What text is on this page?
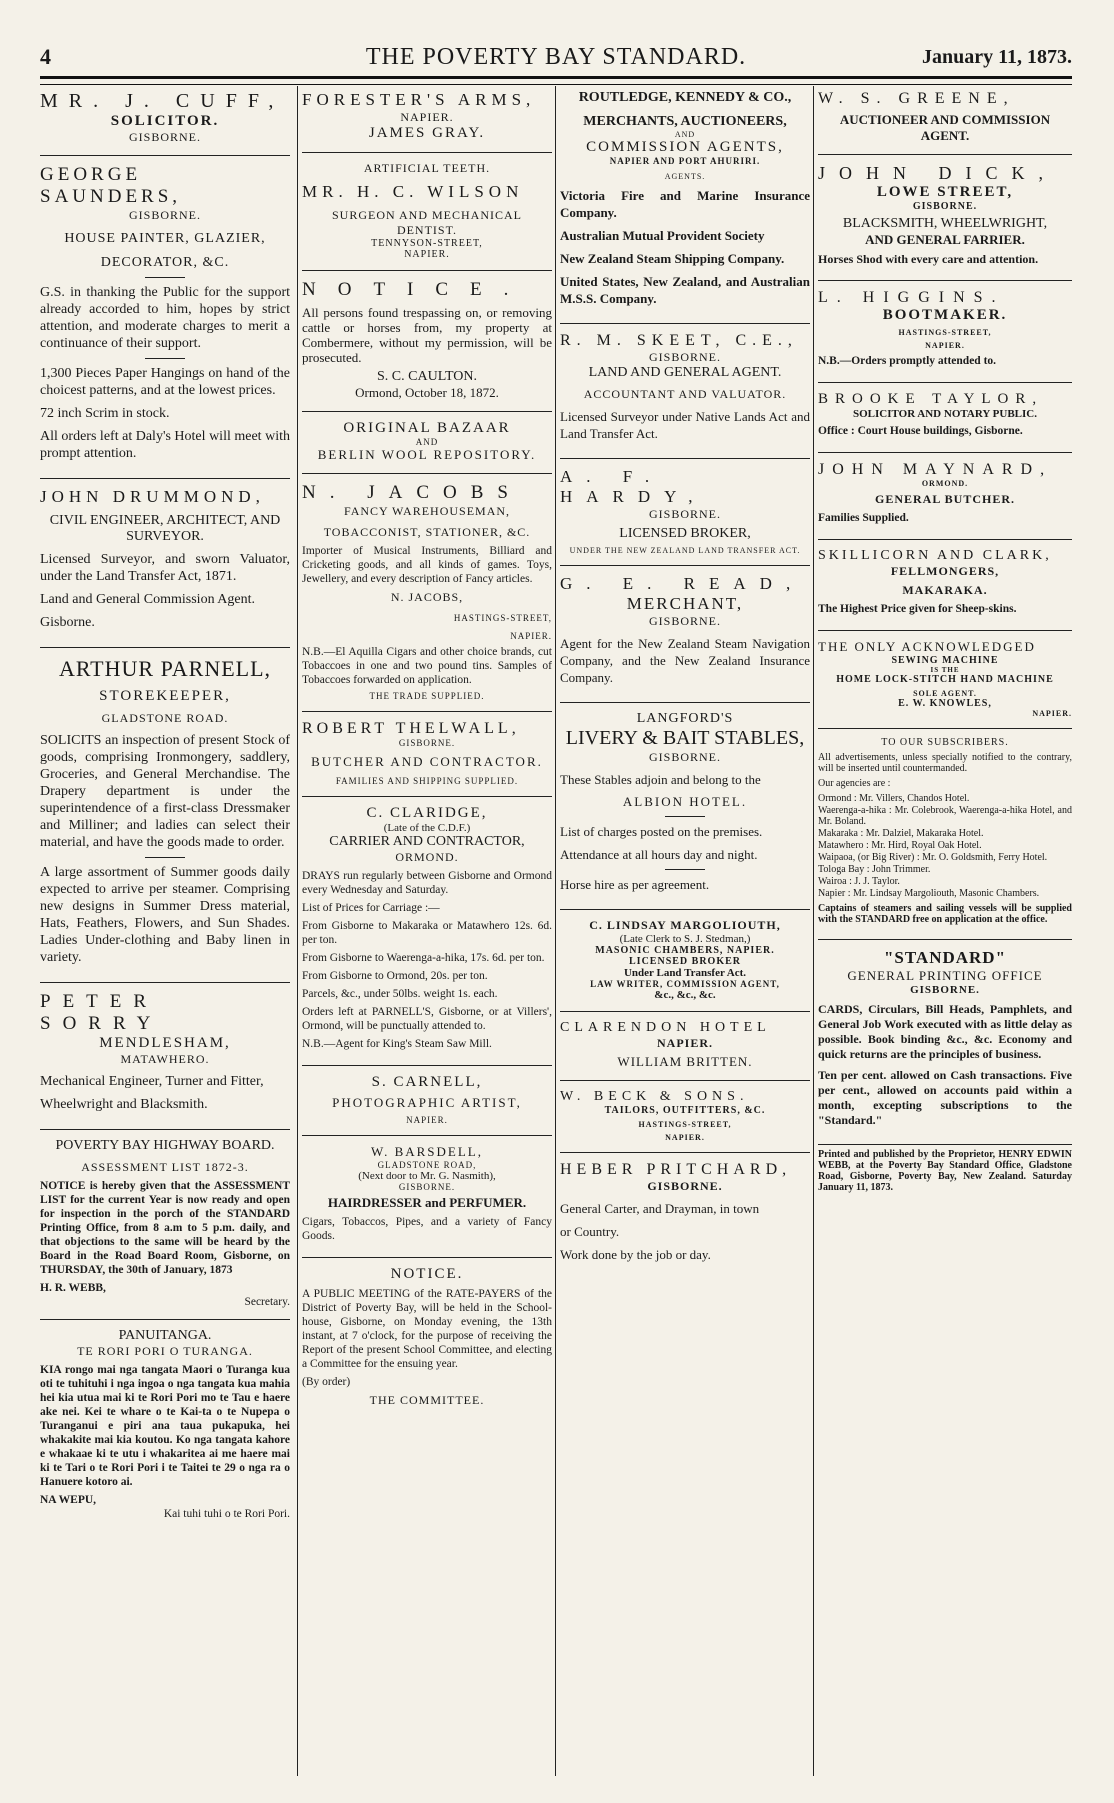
4	THE POVERTY BAY STANDARD.	January 11, 1873.
MR. J. CUFF,
SOLICITOR.
GISBORNE.
GEORGE SAUNDERS,
GISBORNE.
HOUSE PAINTER, GLAZIER,
DECORATOR, &C.

G.S. in thanking the Public for the support already accorded to him, hopes by strict attention, and moderate charges to merit a continuance of their support.

1,300 Pieces Paper Hangings on hand of the choicest patterns, and at the lowest prices.

72 inch Scrim in stock.

All orders left at Daly's Hotel will meet with prompt attention.

JOHN DRUMMOND,
CIVIL ENGINEER, ARCHITECT, AND SURVEYOR.

Licensed Surveyor, and sworn Valuator, under the Land Transfer Act, 1871.

Land and General Commission Agent.

Gisborne.

ARTHUR PARNELL,
STOREKEEPER,
GLADSTONE ROAD.

SOLICITS an inspection of present Stock of goods, comprising Ironmongery, saddlery, Groceries, and General Merchandise. The Drapery department is under the superintendence of a first-class Dressmaker and Milliner; and ladies can select their material, and have the goods made to order.

A large assortment of Summer goods daily expected to arrive per steamer. Comprising new designs in Summer Dress material, Hats, Feathers, Flowers, and Sun Shades. Ladies Under-clothing and Baby linen in variety.

PETER SORRY
MENDLESHAM,
MATAWHERO.

Mechanical Engineer, Turner and Fitter,

Wheelwright and Blacksmith.

POVERTY BAY HIGHWAY BOARD.
ASSESSMENT LIST 1872-3.

NOTICE is hereby given that the ASSESSMENT LIST for the current Year is now ready and open for inspection in the porch of the STANDARD Printing Office, from 8 a.m to 5 p.m. daily, and that objections to the same will be heard by the Board in the Road Board Room, Gisborne, on THURSDAY, the 30th of January, 1873

H. R. WEBB,
Secretary.
PANUITANGA.
TE RORI PORI O TURANGA.

KIA rongo mai nga tangata Maori o Turanga kua oti te tuhituhi i nga ingoa o nga tangata kua mahia hei kia utua mai ki te Rori Pori mo te Tau e haere ake nei. Kei te whare o te Kai-ta o te Nupepa o Turanganui e piri ana taua pukapuka, hei whakakite mai kia koutou. Ko nga tangata kahore e whakaae ki te utu i whakaritea ai me haere mai ki te Tari o te Rori Pori i te Taitei te 29 o nga ra o Hanuere kotoro ai.

NA WEPU,
Kai tuhi tuhi o te Rori Pori.
FORESTER'S ARMS,
NAPIER.
JAMES GRAY.
ARTIFICIAL TEETH.
MR. H. C. WILSON
SURGEON AND MECHANICAL DENTIST.
TENNYSON-STREET,
NAPIER.
NOTICE.

All persons found trespassing on, or removing cattle or horses from, my property at Combermere, without my permission, will be prosecuted.

S. C. CAULTON.
Ormond, October 18, 1872.
ORIGINAL BAZAAR
AND
BERLIN WOOL REPOSITORY.
N. JACOBS
FANCY WAREHOUSEMAN,
TOBACCONIST, STATIONER, &C.

Importer of Musical Instruments, Billiard and Cricketing goods, and all kinds of games. Toys, Jewellery, and every description of Fancy articles.

N. JACOBS,
HASTINGS-STREET,
NAPIER.

N.B.—El Aquilla Cigars and other choice brands, cut Tobaccoes in one and two pound tins. Samples of Tobaccoes forwarded on application.

THE TRADE SUPPLIED.
ROBERT THELWALL,
GISBORNE.
BUTCHER AND CONTRACTOR.
FAMILIES AND SHIPPING SUPPLIED.
C. CLARIDGE,
(Late of the C.D.F.)
CARRIER AND CONTRACTOR,
ORMOND.

DRAYS run regularly between Gisborne and Ormond every Wednesday and Saturday.

List of Prices for Carriage :—
From Gisborne to Makaraka or Matawhero 12s. 6d. per ton.
From Gisborne to Waerenga-a-hika, 17s. 6d. per ton.
From Gisborne to Ormond, 20s. per ton.
Parcels, &c., under 50lbs. weight 1s. each.
Orders left at PARNELL'S, Gisborne, or at Villers', Ormond, will be punctually attended to.
N.B.—Agent for King's Steam Saw Mill.
S. CARNELL,
PHOTOGRAPHIC ARTIST,
NAPIER.
W. BARSDELL,
GLADSTONE ROAD,
(Next door to Mr. G. Nasmith),
GISBORNE.
HAIRDRESSER and PERFUMER.
Cigars, Tobaccos, Pipes, and a variety of Fancy Goods.
NOTICE.

A PUBLIC MEETING of the RATE-PAYERS of the District of Poverty Bay, will be held in the School-house, Gisborne, on Monday evening, the 13th instant, at 7 o'clock, for the purpose of receiving the Report of the present School Committee, and electing a Committee for the ensuing year.

(By order)
THE COMMITTEE.
ROUTLEDGE, KENNEDY & CO.,
MERCHANTS, AUCTIONEERS,
AND
COMMISSION AGENTS,
NAPIER AND PORT AHURIRI.
AGENTS.

Victoria Fire and Marine Insurance Company.

Australian Mutual Provident Society

New Zealand Steam Shipping Company.

United States, New Zealand, and Australian M.S.S. Company.

R. M. SKEET, C.E.,
GISBORNE.
LAND AND GENERAL AGENT.
ACCOUNTANT AND VALUATOR.

Licensed Surveyor under Native Lands Act and Land Transfer Act.

A. F. HARDY,
GISBORNE.
LICENSED BROKER,
UNDER THE NEW ZEALAND LAND TRANSFER ACT.
G. E. READ,
MERCHANT,
GISBORNE.

Agent for the New Zealand Steam Navigation Company, and the New Zealand Insurance Company.

LANGFORD'S
LIVERY & BAIT STABLES,
GISBORNE.

These Stables adjoin and belong to the

ALBION HOTEL.

List of charges posted on the premises.

Attendance at all hours day and night.

Horse hire as per agreement.

C. LINDSAY MARGOLIOUTH,
(Late Clerk to S. J. Stedman,)
MASONIC CHAMBERS, NAPIER.
LICENSED BROKER
Under Land Transfer Act.
LAW WRITER, COMMISSION AGENT,
&c., &c., &c.
CLARENDON HOTEL
NAPIER.
WILLIAM BRITTEN.
W. BECK & SONS.
TAILORS, OUTFITTERS, &C.
HASTINGS-STREET,
NAPIER.
HEBER PRITCHARD,
GISBORNE.

General Carter, and Drayman, in town

or Country.

Work done by the job or day.

W. S. GREENE,
AUCTIONEER AND COMMISSION
AGENT.
JOHN DICK,
LOWE STREET,
GISBORNE.
BLACKSMITH, WHEELWRIGHT,
AND GENERAL FARRIER.

Horses Shod with every care and attention.

L. HIGGINS.
BOOTMAKER.
HASTINGS-STREET,
NAPIER.
N.B.—Orders promptly attended to.
BROOKE TAYLOR,
SOLICITOR AND NOTARY PUBLIC.
Office : Court House buildings, Gisborne.
JOHN MAYNARD,
ORMOND.
GENERAL BUTCHER.
Families Supplied.
SKILLICORN AND CLARK,
FELLMONGERS,
MAKARAKA.
The Highest Price given for Sheep-skins.
THE ONLY ACKNOWLEDGED
SEWING MACHINE
IS THE
HOME LOCK-STITCH HAND MACHINE
SOLE AGENT.
E. W. KNOWLES,
NAPIER.
TO OUR SUBSCRIBERS.
All advertisements, unless specially notified to the contrary, will be inserted until countermanded.
Our agencies are :
Ormond : Mr. Villers, Chandos Hotel.
Waerenga-a-hika : Mr. Colebrook, Waerenga-a-hika Hotel, and Mr. Boland.
Makaraka : Mr. Dalziel, Makaraka Hotel.
Matawhero : Mr. Hird, Royal Oak Hotel.
Waipaoa, (or Big River) : Mr. O. Goldsmith, Ferry Hotel.
Tologa Bay : John Trimmer.
Wairoa : J. J. Taylor.
Napier : Mr. Lindsay Margoliouth, Masonic Chambers.
Captains of steamers and sailing vessels will be supplied with the STANDARD free on application at the office.
"STANDARD"
GENERAL PRINTING OFFICE
GISBORNE.

CARDS, Circulars, Bill Heads, Pamphlets, and General Job Work executed with as little delay as possible. Book binding &c., &c. Economy and quick returns are the principles of business.

Ten per cent. allowed on Cash transactions. Five per cent., allowed on accounts paid within a month, excepting subscriptions to the "Standard."

Printed and published by the Proprietor, HENRY EDWIN WEBB, at the Poverty Bay Standard Office, Gladstone Road, Gisborne, Poverty Bay, New Zealand. Saturday January 11, 1873.
